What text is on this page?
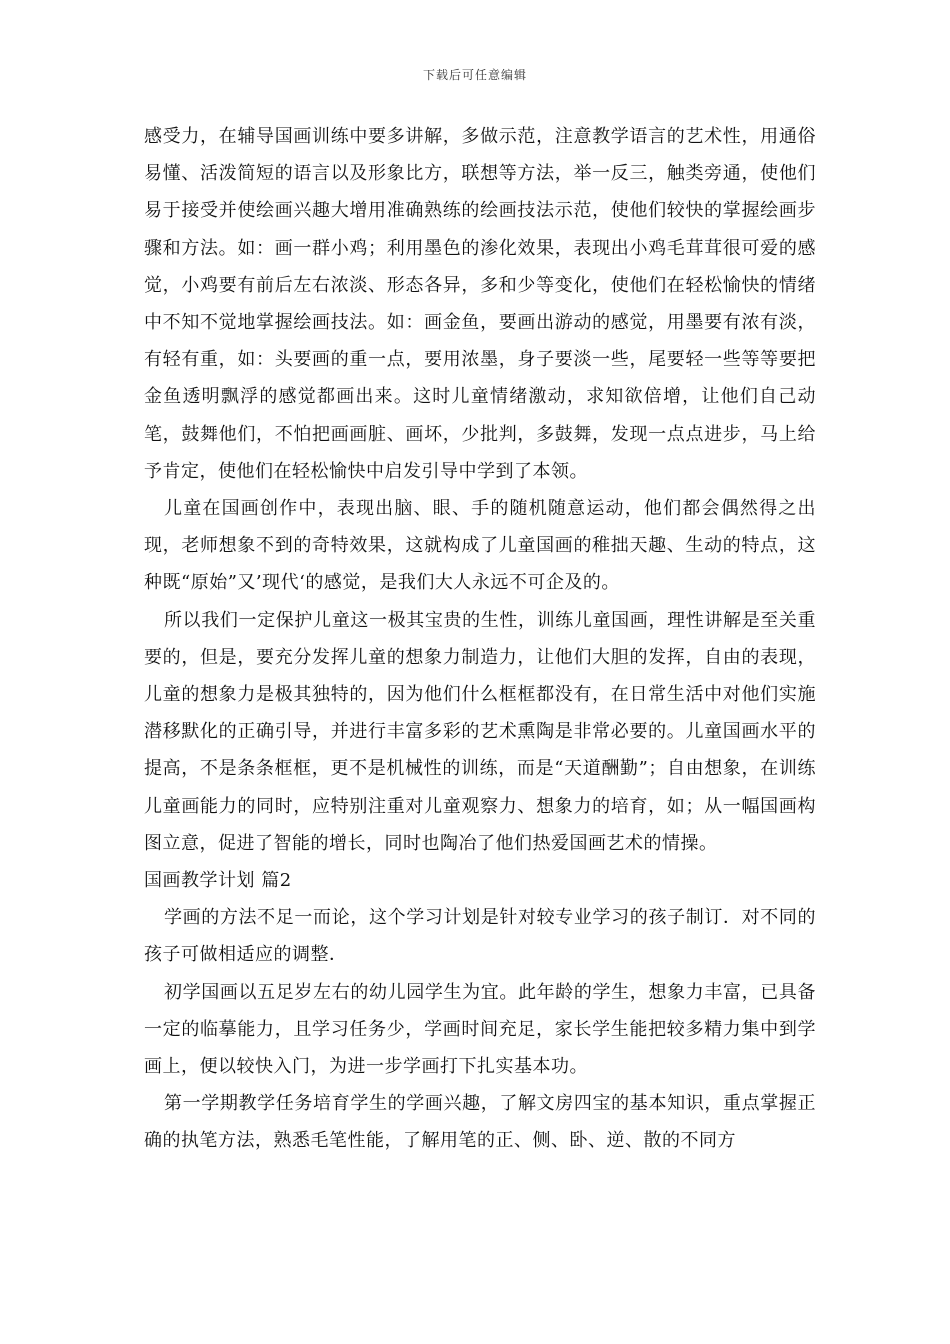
下载后可任意编辑

感受力，在辅导国画训练中要多讲解，多做示范，注意教学语言的艺术性，用通俗易懂、活泼简短的语言以及形象比方，联想等方法，举一反三，触类旁通，使他们易于接受并使绘画兴趣大增用准确熟练的绘画技法示范，使他们较快的掌握绘画步骤和方法。如：画一群小鸡；利用墨色的渗化效果，表现出小鸡毛茸茸很可爱的感觉，小鸡要有前后左右浓淡、形态各异，多和少等变化，使他们在轻松愉快的情绪中不知不觉地掌握绘画技法。如：画金鱼，要画出游动的感觉，用墨要有浓有淡，有轻有重，如：头要画的重一点，要用浓墨，身子要淡一些，尾要轻一些等等要把金鱼透明飘浮的感觉都画出来。这时儿童情绪激动，求知欲倍增，让他们自己动笔，鼓舞他们，不怕把画画脏、画坏，少批判，多鼓舞，发现一点点进步，马上给予肯定，使他们在轻松愉快中启发引导中学到了本领。

儿童在国画创作中，表现出脑、眼、手的随机随意运动，他们都会偶然得之出现，老师想象不到的奇特效果，这就构成了儿童国画的稚拙天趣、生动的特点，这种既“原始”又’现代‘的感觉，是我们大人永远不可企及的。

所以我们一定保护儿童这一极其宝贵的生性，训练儿童国画，理性讲解是至关重要的，但是，要充分发挥儿童的想象力制造力，让他们大胆的发挥，自由的表现，儿童的想象力是极其独特的，因为他们什么框框都没有，在日常生活中对他们实施潜移默化的正确引导，并进行丰富多彩的艺术熏陶是非常必要的。儿童国画水平的提高，不是条条框框，更不是机械性的训练，而是“天道酬勤”；自由想象，在训练儿童画能力的同时，应特别注重对儿童观察力、想象力的培育，如；从一幅国画构图立意，促进了智能的增长，同时也陶冶了他们热爱国画艺术的情操。

国画教学计划 篇2

学画的方法不足一而论，这个学习计划是针对较专业学习的孩子制订．对不同的孩子可做相适应的调整．

初学国画以五足岁左右的幼儿园学生为宜。此年龄的学生，想象力丰富，已具备一定的临摹能力，且学习任务少，学画时间充足，家长学生能把较多精力集中到学画上，便以较快入门，为进一步学画打下扎实基本功。

第一学期教学任务培育学生的学画兴趣，了解文房四宝的基本知识，重点掌握正确的执笔方法，熟悉毛笔性能，了解用笔的正、侧、卧、逆、散的不同方
